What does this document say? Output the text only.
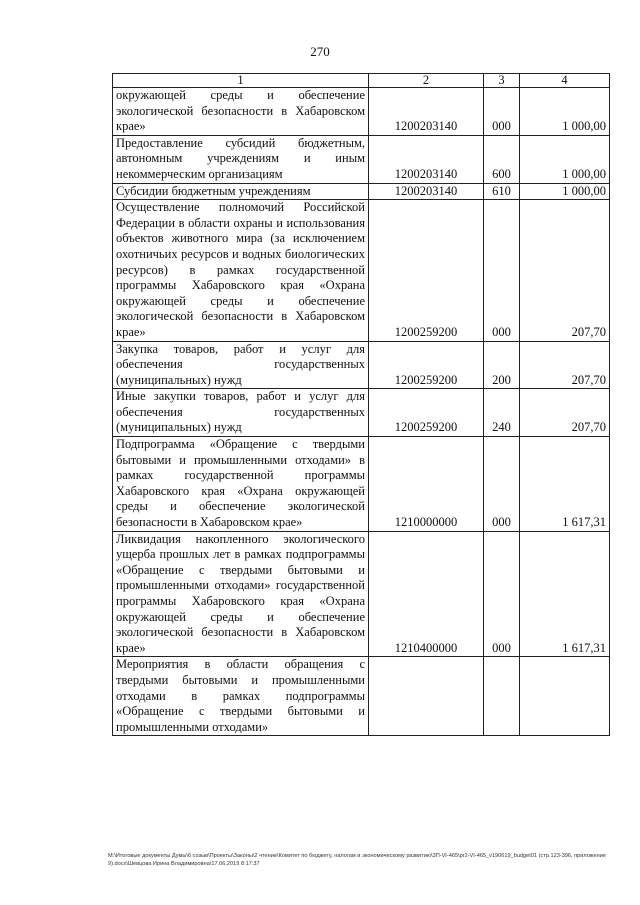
270
1	2	3	4
окружающей среды и обеспечение экологической безопасности в Хабаровском крае»	1200203140	000	1 000,00
Предоставление субсидий бюджетным, автономным учреждениям и иным некоммерческим организациям	1200203140	600	1 000,00
Субсидии бюджетным учреждениям	1200203140	610	1 000,00
Осуществление полномочий Российской Федерации в области охраны и использования объектов животного мира (за исключением охотничьих ресурсов и водных биологических ресурсов) в рамках государственной программы Хабаровского края «Охрана окружающей среды и обеспечение экологической безопасности в Хабаровском крае»	1200259200	000	207,70
Закупка товаров, работ и услуг для обеспечения государственных (муниципальных) нужд	1200259200	200	207,70
Иные закупки товаров, работ и услуг для обеспечения государственных (муниципальных) нужд	1200259200	240	207,70
Подпрограмма «Обращение с твердыми бытовыми и промышленными отходами» в рамках государственной программы Хабаровского края «Охрана окружающей среды и обеспечение экологической безопасности в Хабаровском крае»	1210000000	000	1 617,31
Ликвидация накопленного экологического ущерба прошлых лет в рамках подпрограммы «Обращение с твердыми бытовыми и промышленными отходами» государственной программы Хабаровского края «Охрана окружающей среды и обеспечение экологической безопасности в Хабаровском крае»	1210400000	000	1 617,31
Мероприятия в области обращения с твердыми бытовыми и промышленными отходами в рамках подпрограммы «Обращение с твердыми бытовыми и промышленными отходами»			
M:\Итоговые документы Думы\6 созыв\Проекты\Законы\2 чтение\Комитет по бюджету, налогам и экономическому развитию\3П-VI-465\pr2-VI-465_v190619_budget01 (стр.123-396, приложение 9).docx\Шевцова Ирина Владимировна\17.06.2019 8:17:37
